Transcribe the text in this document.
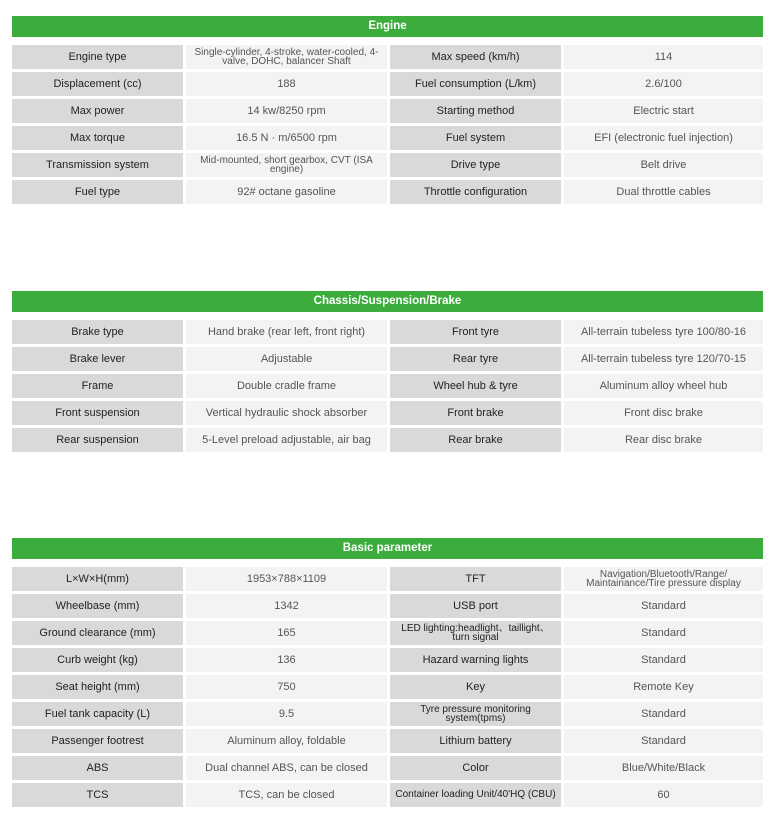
Engine
Engine type	Single-cylinder, 4-stroke, water-cooled, 4-valve, DOHC, balancer Shaft	Max speed (km/h)	114
Displacement (cc)	188	Fuel consumption (L/km)	2.6/100
Max power	14 kw/8250 rpm	Starting method	Electric start
Max torque	16.5 N · m/6500 rpm	Fuel system	EFI (electronic fuel injection)
Transmission system	Mid-mounted, short gearbox, CVT (ISA engine)	Drive type	Belt drive
Fuel type	92# octane gasoline	Throttle configuration	Dual throttle cables
Chassis/Suspension/Brake
Brake type	Hand brake (rear left, front right)	Front tyre	All-terrain tubeless tyre 100/80-16
Brake lever	Adjustable	Rear tyre	All-terrain tubeless tyre 120/70-15
Frame	Double cradle frame	Wheel hub & tyre	Aluminum alloy wheel hub
Front suspension	Vertical hydraulic shock absorber	Front brake	Front disc brake
Rear suspension	5-Level preload adjustable, air bag	Rear brake	Rear disc brake
Basic parameter
L×W×H(mm)	1953×788×1109	TFT	Navigation/Bluetooth/Range/ Maintainance/Tire pressure display
Wheelbase (mm)	1342	USB port	Standard
Ground clearance (mm)	165	LED lighting:headlight、taillight、turn signal	Standard
Curb weight (kg)	136	Hazard warning lights	Standard
Seat height (mm)	750	Key	Remote Key
Fuel tank capacity (L)	9.5	Tyre pressure monitoring system(tpms)	Standard
Passenger footrest	Aluminum alloy, foldable	Lithium battery	Standard
ABS	Dual channel ABS, can be closed	Color	Blue/White/Black
TCS	TCS, can be closed	Container loading Unit/40'HQ (CBU)	60
